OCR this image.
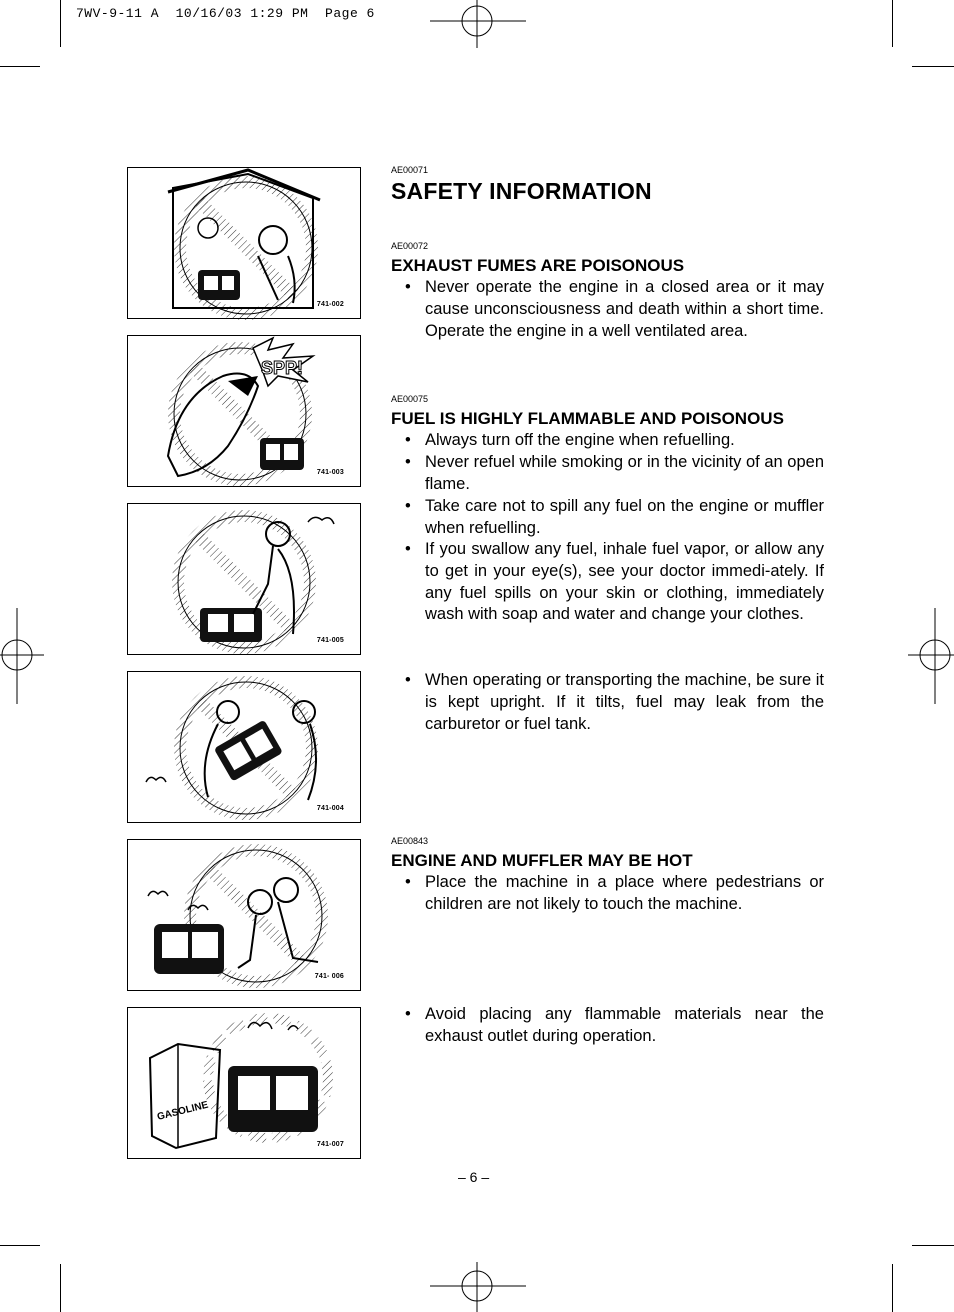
7WV-9-11 A  10/16/03 1:29 PM  Page 6
741-002
SPP!
741-003
741-005
741-004
741- 006
GASOLINE
741-007
AE00071
SAFETY INFORMATION
AE00072
EXHAUST FUMES ARE POISONOUS
• Never operate the engine in a closed area or it may cause unconsciousness and death within a short time. Operate the engine in a well ventilated area.
AE00075
FUEL IS HIGHLY FLAMMABLE AND POISONOUS
• Always turn off the engine when refuelling.
• Never refuel while smoking or in the vicinity of an open flame.
• Take care not to spill any fuel on the engine or muffler when refuelling.
• If you swallow any fuel, inhale fuel vapor, or allow any to get in your eye(s), see your doctor immedi-ately. If any fuel spills on your skin or clothing, immediately wash with soap and water and change your clothes.
• When operating or transporting the machine, be sure it is kept upright. If it tilts, fuel may leak from the carburetor or fuel tank.
AE00843
ENGINE AND MUFFLER MAY BE HOT
• Place the machine in a place where pedestrians or children are not likely to touch the machine.
• Avoid placing any flammable materials near the exhaust outlet during operation.
– 6 –
